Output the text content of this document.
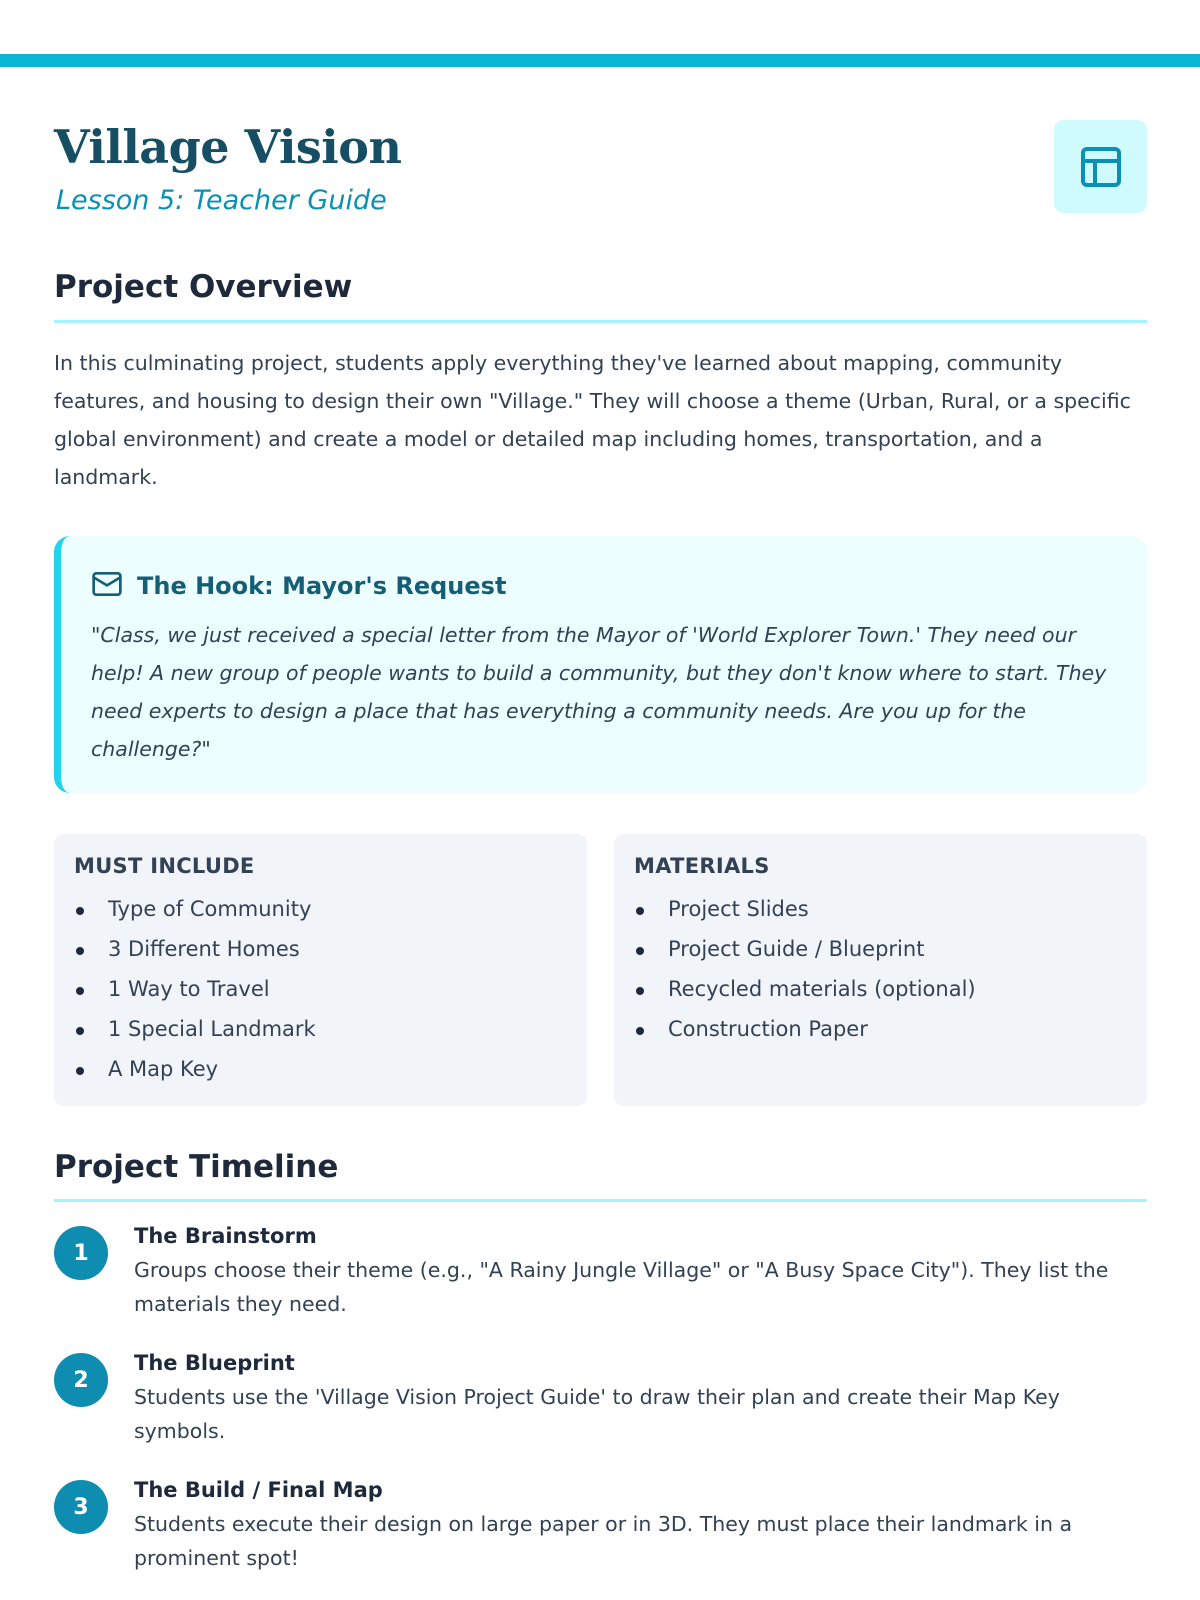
Village Vision
Lesson 5: Teacher Guide
Project Overview

In this culminating project, students apply everything they've learned about mapping, community features, and housing to design their own "Village." They will choose a theme (Urban, Rural, or a specific global environment) and create a model or detailed map including homes, transportation, and a landmark.

The Hook: Mayor's Request

"Class, we just received a special letter from the Mayor of 'World Explorer Town.' They need our help! A new group of people wants to build a community, but they don't know where to start. They need experts to design a place that has everything a community needs. Are you up for the challenge?"

MUST INCLUDE
Type of Community
3 Different Homes
1 Way to Travel
1 Special Landmark
A Map Key
MATERIALS
Project Slides
Project Guide / Blueprint
Recycled materials (optional)
Construction Paper
Project Timeline
1
The Brainstorm
Groups choose their theme (e.g., "A Rainy Jungle Village" or "A Busy Space City"). They list the materials they need.
2
The Blueprint
Students use the 'Village Vision Project Guide' to draw their plan and create their Map Key symbols.
3
The Build / Final Map
Students execute their design on large paper or in 3D. They must place their landmark in a prominent spot!
